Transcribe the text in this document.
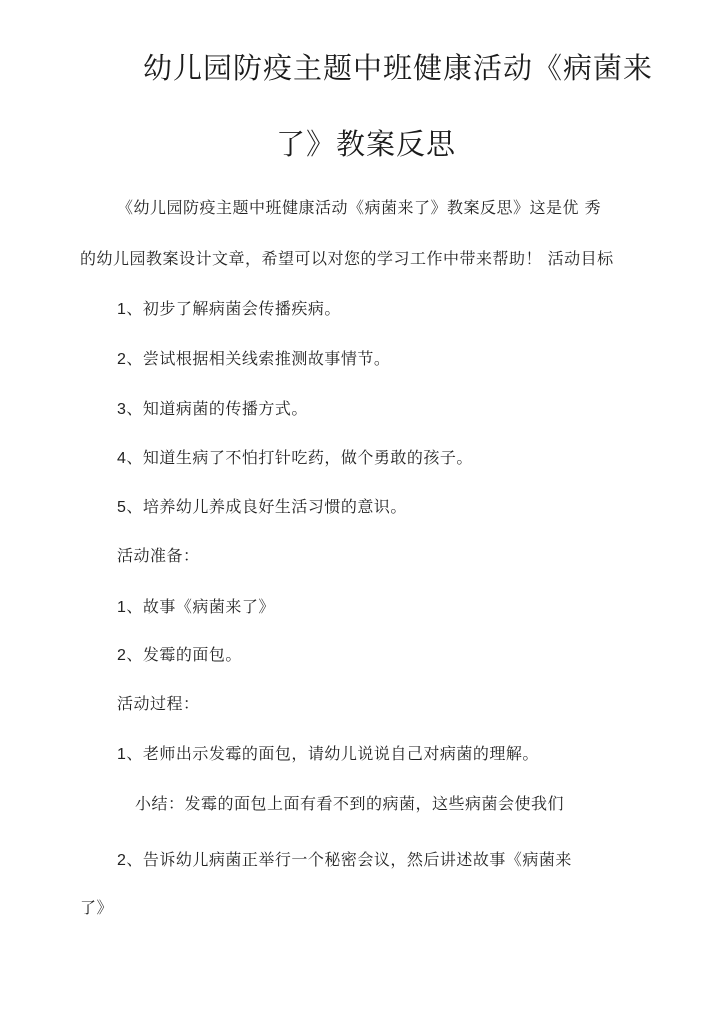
幼儿园防疫主题中班健康活动《病菌来
了》教案反思
《幼儿园防疫主题中班健康活动《病菌来了》教案反思》这是优 秀
的幼儿园教案设计文章，希望可以对您的学习工作中带来帮助！ 活动目标
1、初步了解病菌会传播疾病。
2、尝试根据相关线索推测故事情节。
3、知道病菌的传播方式。
4、知道生病了不怕打针吃药，做个勇敢的孩子。
5、培养幼儿养成良好生活习惯的意识。
活动准备：
1、故事《病菌来了》
2、发霉的面包。
活动过程：
1、老师出示发霉的面包，请幼儿说说自己对病菌的理解。
小结：发霉的面包上面有看不到的病菌，这些病菌会使我们
2、告诉幼儿病菌正举行一个秘密会议，然后讲述故事《病菌来
了》
